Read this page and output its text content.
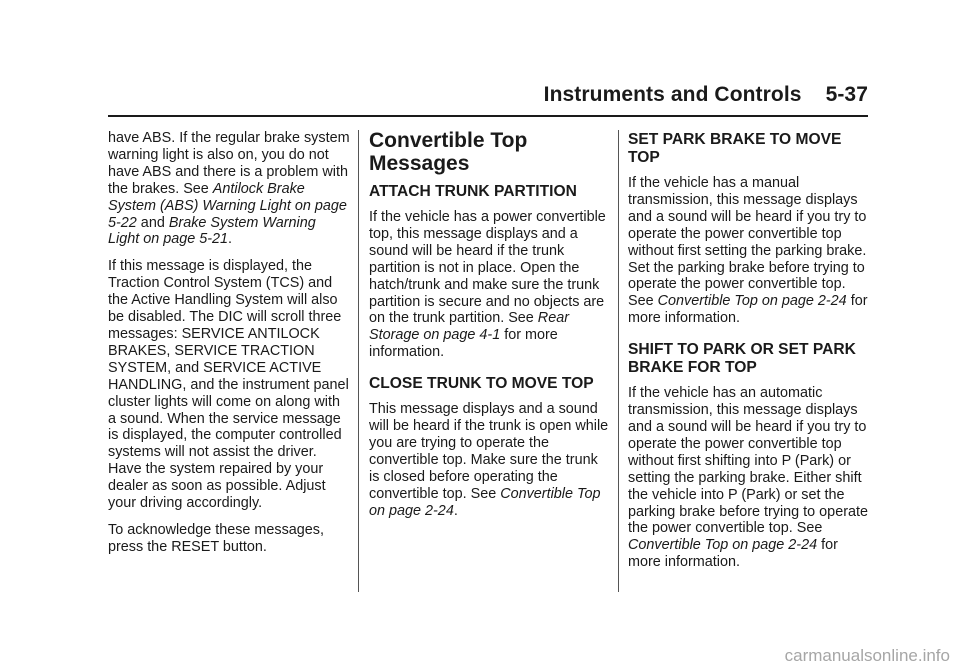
Instruments and Controls 5-37

have ABS. If the regular brake system warning light is also on, you do not have ABS and there is a problem with the brakes. See Antilock Brake System (ABS) Warning Light on page 5-22 and Brake System Warning Light on page 5-21.

If this message is displayed, the Traction Control System (TCS) and the Active Handling System will also be disabled. The DIC will scroll three messages: SERVICE ANTILOCK BRAKES, SERVICE TRACTION SYSTEM, and SERVICE ACTIVE HANDLING, and the instrument panel cluster lights will come on along with a sound. When the service message is displayed, the computer controlled systems will not assist the driver. Have the system repaired by your dealer as soon as possible. Adjust your driving accordingly.

To acknowledge these messages, press the RESET button.

Convertible Top Messages
ATTACH TRUNK PARTITION

If the vehicle has a power convertible top, this message displays and a sound will be heard if the trunk partition is not in place. Open the hatch/trunk and make sure the trunk partition is secure and no objects are on the trunk partition. See Rear Storage on page 4-1 for more information.

CLOSE TRUNK TO MOVE TOP

This message displays and a sound will be heard if the trunk is open while you are trying to operate the convertible top. Make sure the trunk is closed before operating the convertible top. See Convertible Top on page 2-24.

SET PARK BRAKE TO MOVE TOP

If the vehicle has a manual transmission, this message displays and a sound will be heard if you try to operate the power convertible top without first setting the parking brake. Set the parking brake before trying to operate the power convertible top. See Convertible Top on page 2-24 for more information.

SHIFT TO PARK OR SET PARK BRAKE FOR TOP

If the vehicle has an automatic transmission, this message displays and a sound will be heard if you try to operate the power convertible top without first shifting into P (Park) or setting the parking brake. Either shift the vehicle into P (Park) or set the parking brake before trying to operate the power convertible top. See Convertible Top on page 2-24 for more information.

carmanualsonline.info
